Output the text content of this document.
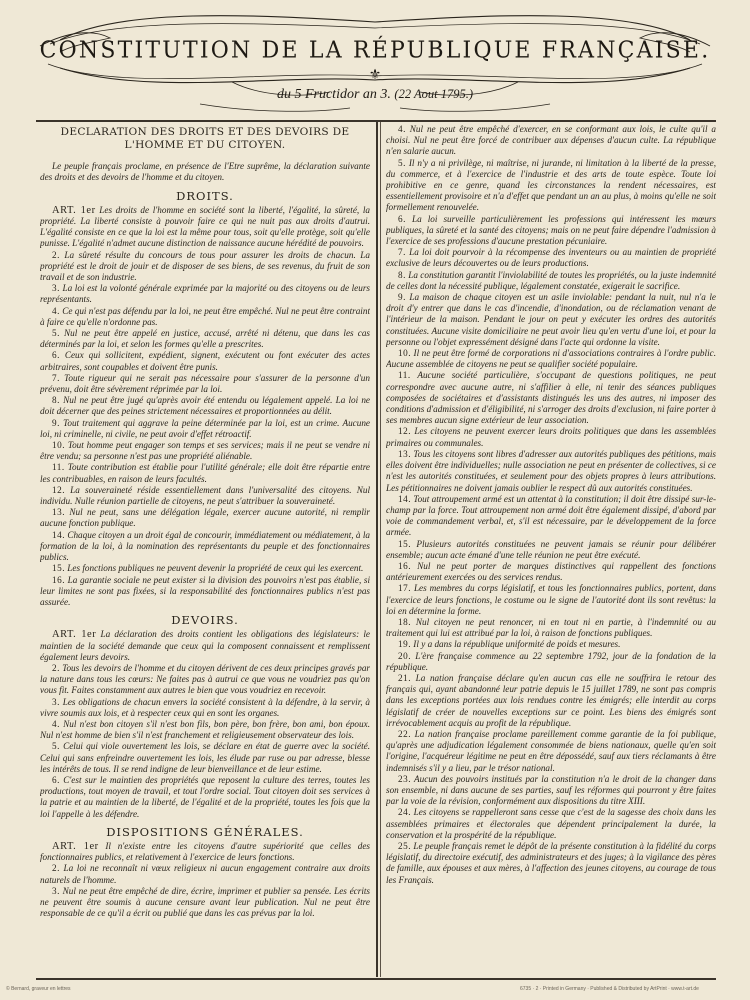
CONSTITUTION DE LA RÉPUBLIQUE FRANÇAISE.
⚜
du 5 Fructidor an 3. (22 Aout 1795.)
DECLARATION DES DROITS ET DES DEVOIRS DE L'HOMME ET DU CITOYEN.

Le peuple français proclame, en présence de l'Etre suprême, la déclaration suivante des droits et des devoirs de l'homme et du citoyen.

DROITS.

ART. 1er Les droits de l'homme en société sont la liberté, l'égalité, la sûreté, la propriété. La liberté consiste à pouvoir faire ce qui ne nuit pas aux droits d'autrui. L'égalité consiste en ce que la loi est la même pour tous, soit qu'elle protège, soit qu'elle punisse. L'égalité n'admet aucune distinction de naissance aucune hérédité de pouvoirs.

2. La sûreté résulte du concours de tous pour assurer les droits de chacun. La propriété est le droit de jouir et de disposer de ses biens, de ses revenus, du fruit de son travail et de son industrie.

3. La loi est la volonté générale exprimée par la majorité ou des citoyens ou de leurs représentants.

4. Ce qui n'est pas défendu par la loi, ne peut être empêché. Nul ne peut être contraint à faire ce qu'elle n'ordonne pas.

5. Nul ne peut être appelé en justice, accusé, arrêté ni détenu, que dans les cas déterminés par la loi, et selon les formes qu'elle a prescrites.

6. Ceux qui sollicitent, expédient, signent, exécutent ou font exécuter des actes arbitraires, sont coupables et doivent être punis.

7. Toute rigueur qui ne serait pas nécessaire pour s'assurer de la personne d'un prévenu, doit être sévèrement réprimée par la loi.

8. Nul ne peut être jugé qu'après avoir été entendu ou légalement appelé. La loi ne doit décerner que des peines strictement nécessaires et proportionnées au délit.

9. Tout traitement qui aggrave la peine déterminée par la loi, est un crime. Aucune loi, ni criminelle, ni civile, ne peut avoir d'effet rétroactif.

10. Tout homme peut engager son temps et ses services; mais il ne peut se vendre ni être vendu; sa personne n'est pas une propriété aliénable.

11. Toute contribution est établie pour l'utilité générale; elle doit être répartie entre les contribuables, en raison de leurs facultés.

12. La souveraineté réside essentiellement dans l'universalité des citoyens. Nul individu. Nulle réunion partielle de citoyens, ne peut s'attribuer la souveraineté.

13. Nul ne peut, sans une délégation légale, exercer aucune autorité, ni remplir aucune fonction publique.

14. Chaque citoyen a un droit égal de concourir, immédiatement ou médiatement, à la formation de la loi, à la nomination des représentants du peuple et des fonctionnaires publics.

15. Les fonctions publiques ne peuvent devenir la propriété de ceux qui les exercent.

16. La garantie sociale ne peut exister si la division des pouvoirs n'est pas établie, si leur limites ne sont pas fixées, si la responsabilité des fonctionnaires publics n'est pas assurée.

DEVOIRS.

ART. 1er La déclaration des droits contient les obligations des législateurs: le maintien de la société demande que ceux qui la composent connaissent et remplissent également leurs devoirs.

2. Tous les devoirs de l'homme et du citoyen dérivent de ces deux principes gravés par la nature dans tous les cœurs: Ne faites pas à autrui ce que vous ne voudriez pas qu'on vous fit. Faites constamment aux autres le bien que vous voudriez en recevoir.

3. Les obligations de chacun envers la société consistent à la défendre, à la servir, à vivre soumis aux lois, et à respecter ceux qui en sont les organes.

4. Nul n'est bon citoyen s'il n'est bon fils, bon père, bon frère, bon ami, bon époux. Nul n'est homme de bien s'il n'est franchement et religieusement observateur des lois.

5. Celui qui viole ouvertement les lois, se déclare en état de guerre avec la société. Celui qui sans enfreindre ouvertement les lois, les élude par ruse ou par adresse, blesse les intérêts de tous. Il se rend indigne de leur bienveillance et de leur estime.

6. C'est sur le maintien des propriétés que reposent la culture des terres, toutes les productions, tout moyen de travail, et tout l'ordre social. Tout citoyen doit ses services à la patrie et au maintien de la liberté, de l'égalité et de la propriété, toutes les fois que la loi l'appelle à les défendre.

DISPOSITIONS GÉNÉRALES.

ART. 1er Il n'existe entre les citoyens d'autre supériorité que celles des fonctionnaires publics, et relativement à l'exercice de leurs fonctions.

2. La loi ne reconnaît ni vœux religieux ni aucun engagement contraire aux droits naturels de l'homme.

3. Nul ne peut être empêché de dire, écrire, imprimer et publier sa pensée. Les écrits ne peuvent être soumis à aucune censure avant leur publication. Nul ne peut être responsable de ce qu'il a écrit ou publié que dans les cas prévus par la loi.

4. Nul ne peut être empêché d'exercer, en se conformant aux lois, le culte qu'il a choisi. Nul ne peut être forcé de contribuer aux dépenses d'aucun culte. La république n'en salarie aucun.

5. Il n'y a ni privilège, ni maîtrise, ni jurande, ni limitation à la liberté de la presse, du commerce, et à l'exercice de l'industrie et des arts de toute espèce. Toute loi prohibitive en ce genre, quand les circonstances la rendent nécessaires, est essentiellement provisoire et n'a d'effet que pendant un an au plus, à moins qu'elle ne soit formellement renouvelée.

6. La loi surveille particulièrement les professions qui intéressent les mœurs publiques, la sûreté et la santé des citoyens; mais on ne peut faire dépendre l'admission à l'exercice de ses professions d'aucune prestation pécuniaire.

7. La loi doit pourvoir à la récompense des inventeurs ou au maintien de propriété exclusive de leurs découvertes ou de leurs productions.

8. La constitution garantit l'inviolabilité de toutes les propriétés, ou la juste indemnité de celles dont la nécessité publique, légalement constatée, exigerait le sacrifice.

9. La maison de chaque citoyen est un asile inviolable: pendant la nuit, nul n'a le droit d'y entrer que dans le cas d'incendie, d'inondation, ou de réclamation venant de l'intérieur de la maison. Pendant le jour on peut y exécuter les ordres des autorités constituées. Aucune visite domiciliaire ne peut avoir lieu qu'en vertu d'une loi, et pour la personne ou l'objet expressément désigné dans l'acte qui ordonne la visite.

10. Il ne peut être formé de corporations ni d'associations contraires à l'ordre public. Aucune assemblée de citoyens ne peut se qualifier société populaire.

11. Aucune société particulière, s'occupant de questions politiques, ne peut correspondre avec aucune autre, ni s'affilier à elle, ni tenir des séances publiques composées de sociétaires et d'assistants distingués les uns des autres, ni imposer des conditions d'admission et d'éligibilité, ni s'arroger des droits d'exclusion, ni faire porter à ses membres aucun signe extérieur de leur association.

12. Les citoyens ne peuvent exercer leurs droits politiques que dans les assemblées primaires ou communales.

13. Tous les citoyens sont libres d'adresser aux autorités publiques des pétitions, mais elles doivent être individuelles; nulle association ne peut en présenter de collectives, si ce n'est les autorités constituées, et seulement pour des objets propres à leurs attributions. Les pétitionnaires ne doivent jamais oublier le respect dû aux autorités constituées.

14. Tout attroupement armé est un attentat à la constitution; il doit être dissipé sur-le-champ par la force. Tout attroupement non armé doit être également dissipé, d'abord par voie de commandement verbal, et, s'il est nécessaire, par le développement de la force armée.

15. Plusieurs autorités constituées ne peuvent jamais se réunir pour délibérer ensemble; aucun acte émané d'une telle réunion ne peut être exécuté.

16. Nul ne peut porter de marques distinctives qui rappellent des fonctions antérieurement exercées ou des services rendus.

17. Les membres du corps législatif, et tous les fonctionnaires publics, portent, dans l'exercice de leurs fonctions, le costume ou le signe de l'autorité dont ils sont revêtus: la loi en détermine la forme.

18. Nul citoyen ne peut renoncer, ni en tout ni en partie, à l'indemnité ou au traitement qui lui est attribué par la loi, à raison de fonctions publiques.

19. Il y a dans la république uniformité de poids et mesures.

20. L'ère française commence au 22 septembre 1792, jour de la fondation de la république.

21. La nation française déclare qu'en aucun cas elle ne souffrira le retour des français qui, ayant abandonné leur patrie depuis le 15 juillet 1789, ne sont pas compris dans les exceptions portées aux lois rendues contre les émigrés; elle interdit au corps législatif de créer de nouvelles exceptions sur ce point. Les biens des émigrés sont irrévocablement acquis au profit de la république.

22. La nation française proclame pareillement comme garantie de la foi publique, qu'après une adjudication légalement consommée de biens nationaux, quelle qu'en soit l'origine, l'acquéreur légitime ne peut en être dépossédé, sauf aux tiers réclamants à être indemnisés s'il y a lieu, par le trésor national.

23. Aucun des pouvoirs institués par la constitution n'a le droit de la changer dans son ensemble, ni dans aucune de ses parties, sauf les réformes qui pourront y être faites par la voie de la révision, conformément aux dispositions du titre XIII.

24. Les citoyens se rappelleront sans cesse que c'est de la sagesse des choix dans les assemblées primaires et électorales que dépendent principalement la durée, la conservation et la prospérité de la république.

25. Le peuple français remet le dépôt de la présente constitution à la fidélité du corps législatif, du directoire exécutif, des administrateurs et des juges; à la vigilance des pères de famille, aux épouses et aux mères, à l'affection des jeunes citoyens, au courage de tous les Français.

© Bernard, graveur en lettres	6735 · 2 · Printed in Germany · Published & Distributed by ArtPrint · www.t-art.de
